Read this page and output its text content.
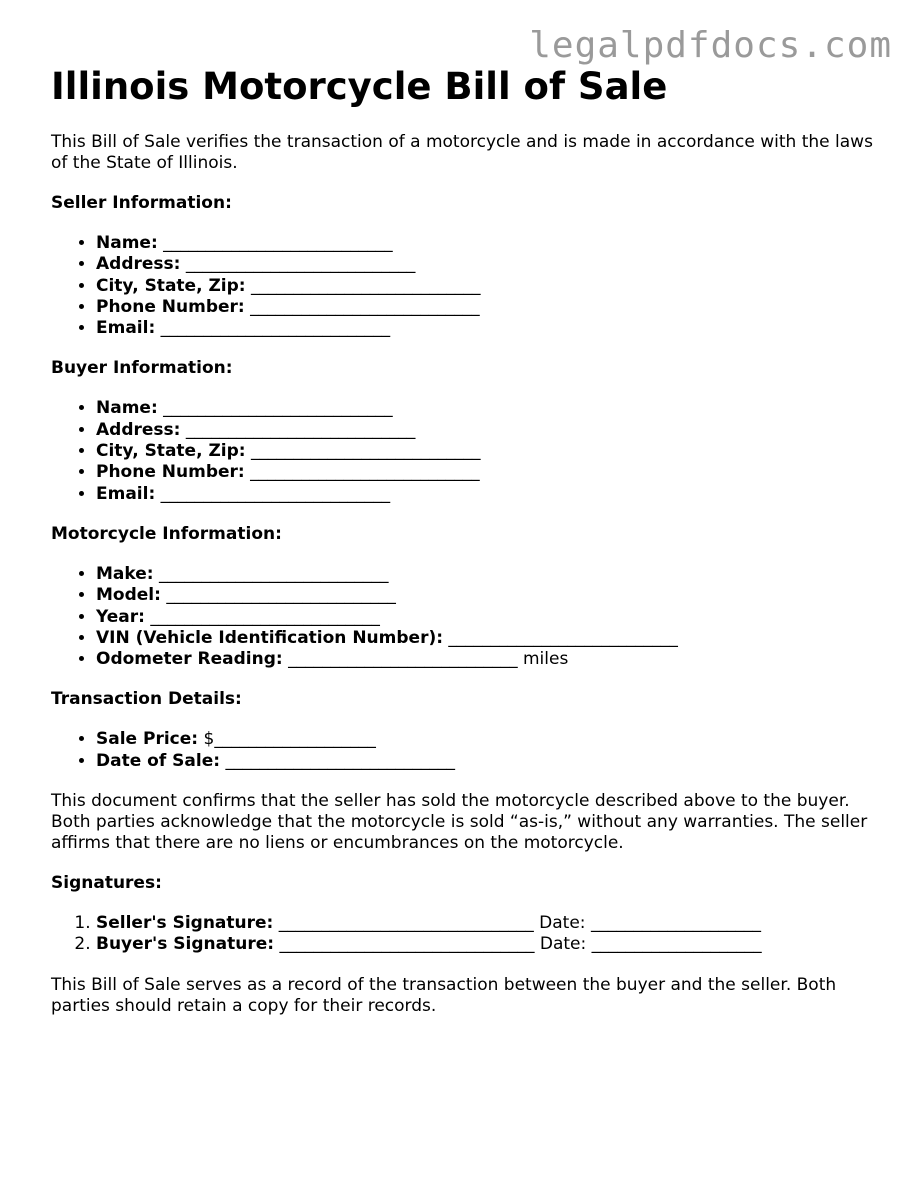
legalpdfdocs.com
Illinois Motorcycle Bill of Sale

This Bill of Sale verifies the transaction of a motorcycle and is made in accordance with the laws of the State of Illinois.

Seller Information:
• Name: ___________________________
• Address: ___________________________
• City, State, Zip: ___________________________
• Phone Number: ___________________________
• Email: ___________________________
Buyer Information:
• Name: ___________________________
• Address: ___________________________
• City, State, Zip: ___________________________
• Phone Number: ___________________________
• Email: ___________________________
Motorcycle Information:
• Make: ___________________________
• Model: ___________________________
• Year: ___________________________
• VIN (Vehicle Identification Number): ___________________________
• Odometer Reading: ___________________________ miles
Transaction Details:
• Sale Price: $___________________
• Date of Sale: ___________________________

This document confirms that the seller has sold the motorcycle described above to the buyer. Both parties acknowledge that the motorcycle is sold “as-is,” without any warranties. The seller affirms that there are no liens or encumbrances on the motorcycle.

Signatures:
1. Seller's Signature: ______________________________ Date: ____________________
2. Buyer's Signature: ______________________________ Date: ____________________

This Bill of Sale serves as a record of the transaction between the buyer and the seller. Both parties should retain a copy for their records.
